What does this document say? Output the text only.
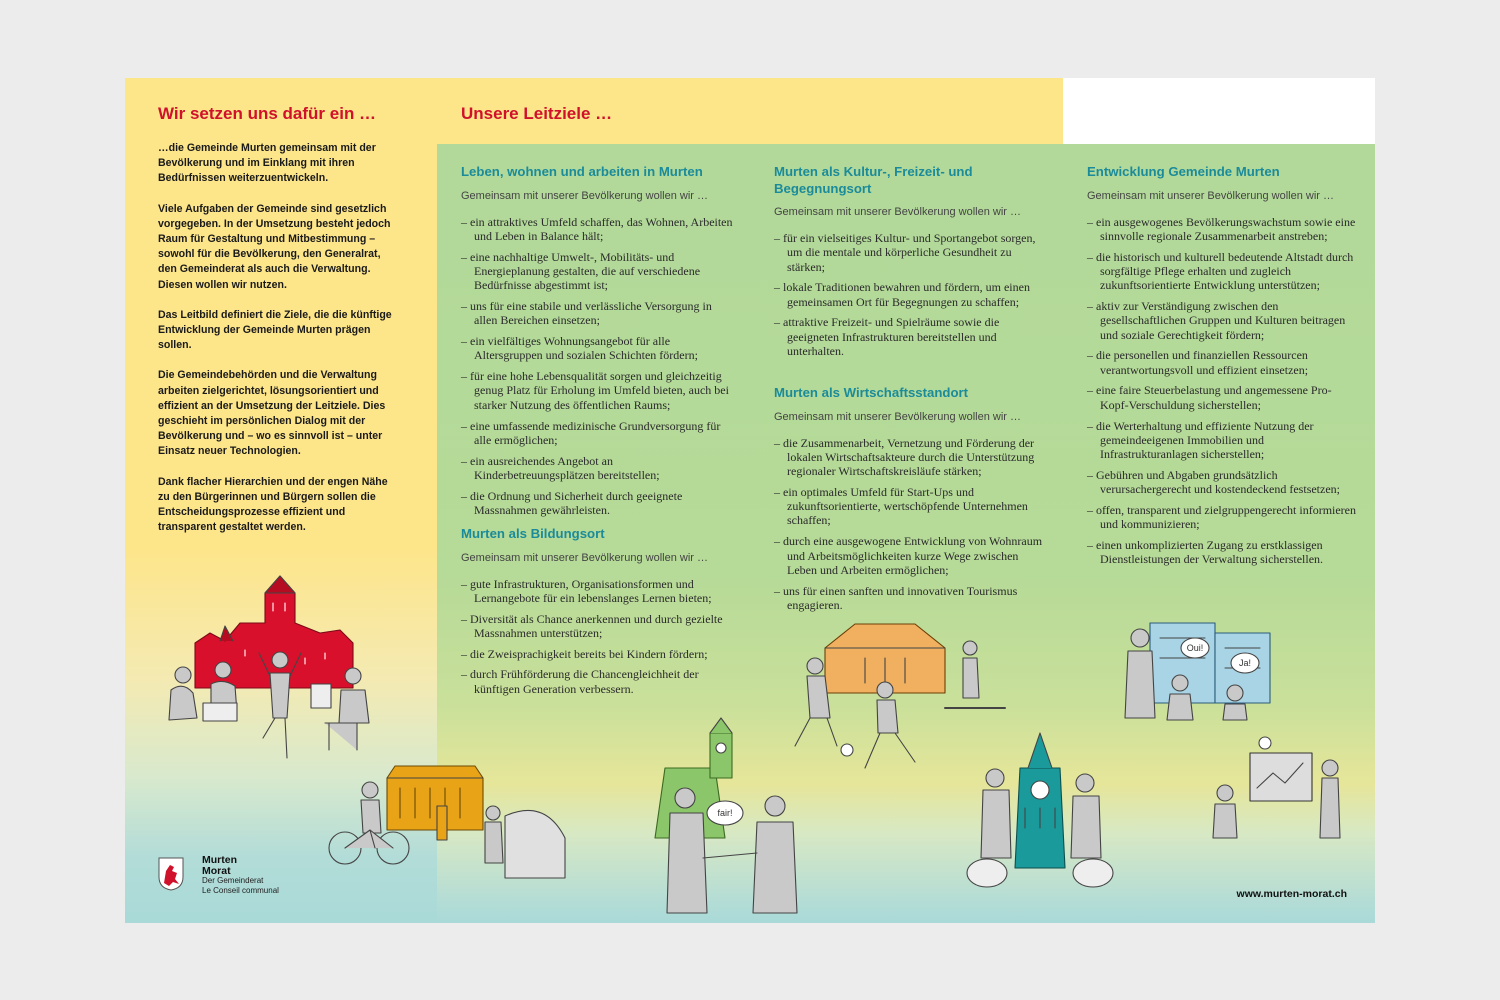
fair!
Oui!
Ja!
Wir setzen uns dafür ein …

…die Gemeinde Murten gemeinsam mit der Bevölkerung und im Einklang mit ihren Bedürfnissen weiterzuentwickeln.

Viele Aufgaben der Gemeinde sind gesetzlich vorgegeben. In der Umsetzung besteht jedoch Raum für Gestaltung und Mitbestimmung – sowohl für die Bevölkerung, den Generalrat, den Gemeinderat als auch die Verwaltung. Diesen wollen wir nutzen.

Das Leitbild definiert die Ziele, die die künftige Entwicklung der Gemeinde Murten prägen sollen.

Die Gemeindebehörden und die Verwaltung arbeiten zielgerichtet, lösungsorientiert und effizient an der Umsetzung der Leitziele. Dies geschieht im persönlichen Dialog mit der Bevölkerung und – wo es sinnvoll ist – unter Einsatz neuer Technologien.

Dank flacher Hierarchien und der engen Nähe zu den Bürgerinnen und Bürgern sollen die Entscheidungsprozesse effizient und transparent gestaltet werden.

Unsere Leitziele …
Leben, wohnen und arbeiten in Murten

Gemeinsam mit unserer Bevölkerung wollen wir …

– ein attraktives Umfeld schaffen, das Wohnen, Arbeiten und Leben in Balance hält;
– eine nachhaltige Umwelt-, Mobilitäts- und Energieplanung gestalten, die auf verschiedene Bedürfnisse abgestimmt ist;
– uns für eine stabile und verlässliche Versorgung in allen Bereichen einsetzen;
– ein vielfältiges Wohnungsangebot für alle Altersgruppen und sozialen Schichten fördern;
– für eine hohe Lebensqualität sorgen und gleichzeitig genug Platz für Erholung im Umfeld bieten, auch bei starker Nutzung des öffentlichen Raums;
– eine umfassende medizinische Grundversorgung für alle ermöglichen;
– ein ausreichendes Angebot an Kinderbetreuungsplätzen bereitstellen;
– die Ordnung und Sicherheit durch geeignete Massnahmen gewährleisten.
Murten als Bildungsort

Gemeinsam mit unserer Bevölkerung wollen wir …

– gute Infrastrukturen, Organisationsformen und Lernangebote für ein lebenslanges Lernen bieten;
– Diversität als Chance anerkennen und durch gezielte Massnahmen unterstützen;
– die Zweisprachigkeit bereits bei Kindern fördern;
– durch Frühförderung die Chancengleichheit der künftigen Generation verbessern.
Murten als Kultur-, Freizeit- und Begegnungsort

Gemeinsam mit unserer Bevölkerung wollen wir …

– für ein vielseitiges Kultur- und Sportangebot sorgen, um die mentale und körperliche Gesundheit zu stärken;
– lokale Traditionen bewahren und fördern, um einen gemeinsamen Ort für Begegnungen zu schaffen;
– attraktive Freizeit- und Spielräume sowie die geeigneten Infrastrukturen bereitstellen und unterhalten.
Murten als Wirtschaftsstandort

Gemeinsam mit unserer Bevölkerung wollen wir …

– die Zusammenarbeit, Vernetzung und Förderung der lokalen Wirtschaftsakteure durch die Unterstützung regionaler Wirtschaftskreisläufe stärken;
– ein optimales Umfeld für Start-Ups und zukunftsorientierte, wertschöpfende Unternehmen schaffen;
– durch eine ausgewogene Entwicklung von Wohnraum und Arbeitsmöglichkeiten kurze Wege zwischen Leben und Arbeiten ermöglichen;
– uns für einen sanften und innovativen Tourismus engagieren.
Entwicklung Gemeinde Murten

Gemeinsam mit unserer Bevölkerung wollen wir …

– ein ausgewogenes Bevölkerungswachstum sowie eine sinnvolle regionale Zusammenarbeit anstreben;
– die historisch und kulturell bedeutende Altstadt durch sorgfältige Pflege erhalten und zugleich zukunftsorientierte Entwicklung unterstützen;
– aktiv zur Verständigung zwischen den gesellschaftlichen Gruppen und Kulturen beitragen und soziale Gerechtigkeit fördern;
– die personellen und finanziellen Ressourcen verantwortungsvoll und effizient einsetzen;
– eine faire Steuerbelastung und angemessene Pro-Kopf-Verschuldung sicherstellen;
– die Werterhaltung und effiziente Nutzung der gemeindeeigenen Immobilien und Infrastrukturanlagen sicherstellen;
– Gebühren und Abgaben grundsätzlich verursachergerecht und kostendeckend festsetzen;
– offen, transparent und zielgruppengerecht informieren und kommunizieren;
– einen unkomplizierten Zugang zu erstklassigen Dienstleistungen der Verwaltung sicherstellen.
Murten
Morat
Der Gemeinderat
Le Conseil communal	www.murten-morat.ch
